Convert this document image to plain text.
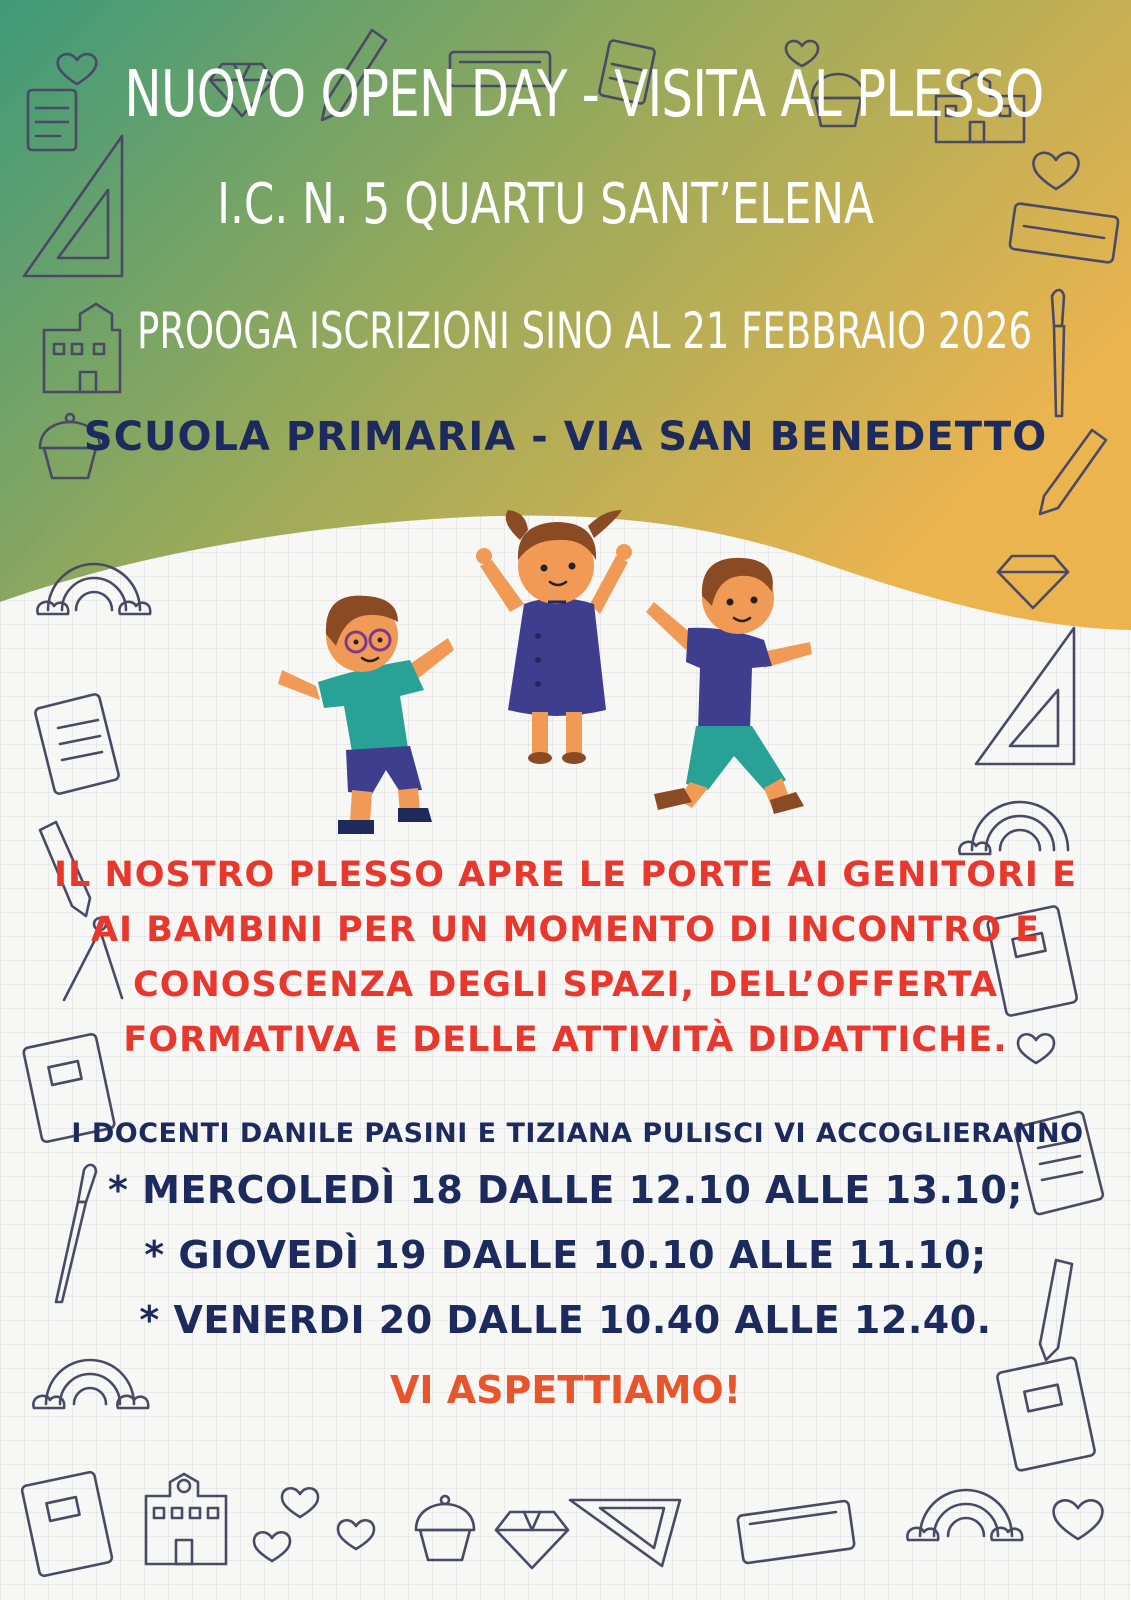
NUOVO OPEN DAY - VISITA AL PLESSO
I.C. N. 5 QUARTU SANT’ELENA
PROOGA ISCRIZIONI SINO AL 21 FEBBRAIO 2026
SCUOLA PRIMARIA - VIA SAN BENEDETTO
IL NOSTRO PLESSO APRE LE PORTE AI GENITORI E
AI BAMBINI PER UN MOMENTO DI INCONTRO E
CONOSCENZA DEGLI SPAZI, DELL’OFFERTA
FORMATIVA E DELLE ATTIVITÀ DIDATTICHE.
I DOCENTI DANILE PASINI E TIZIANA PULISCI VI ACCOGLIERANNO
* MERCOLEDÌ 18 DALLE 12.10 ALLE 13.10;
* GIOVEDÌ 19 DALLE 10.10 ALLE 11.10;
* VENERDI 20 DALLE 10.40 ALLE 12.40.
VI ASPETTIAMO!
